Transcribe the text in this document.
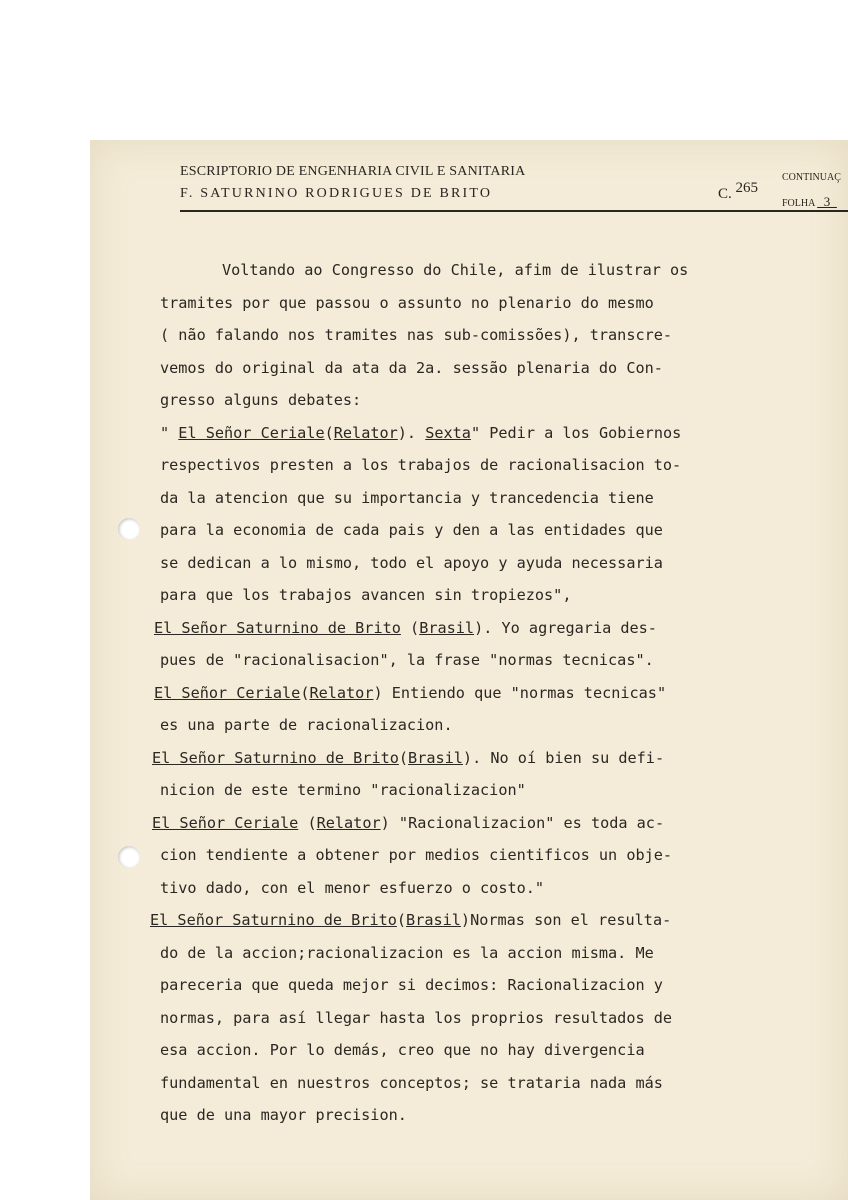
ESCRIPTORIO DE ENGENHARIA CIVIL E SANITARIA
F. SATURNINO RODRIGUES DE BRITO	C. 265
CONTINUAÇ
FOLHA _3_
Voltando ao Congresso do Chile, afim de ilustrar os
tramites por que passou o assunto no plenario do mesmo
( não falando nos tramites nas sub-comissões), transcre-
vemos do original da ata da 2a. sessão plenaria do Con-
gresso alguns debates:
" El Señor Ceriale(Relator). Sexta" Pedir a los Gobiernos
respectivos presten a los trabajos de racionalisacion to-
da la atencion que su importancia y trancedencia tiene
para la economia de cada pais y den a las entidades que
se dedican a lo mismo, todo el apoyo y ayuda necessaria
para que los trabajos avancen sin tropiezos",
El Señor Saturnino de Brito (Brasil). Yo agregaria des-
pues de "racionalisacion", la frase "normas tecnicas".
El Señor Ceriale(Relator) Entiendo que "normas tecnicas"
es una parte de racionalizacion.
El Señor Saturnino de Brito(Brasil). No oí bien su defi-
nicion de este termino "racionalizacion"
El Señor Ceriale (Relator) "Racionalizacion" es toda ac-
cion tendiente a obtener por medios cientificos un obje-
tivo dado, con el menor esfuerzo o costo."
El Señor Saturnino de Brito(Brasil)Normas son el resulta-
do de la accion;racionalizacion es la accion misma. Me
pareceria que queda mejor si decimos: Racionalizacion y
normas, para así llegar hasta los proprios resultados de
esa accion. Por lo demás, creo que no hay divergencia
fundamental en nuestros conceptos; se trataria nada más
que de una mayor precision.
